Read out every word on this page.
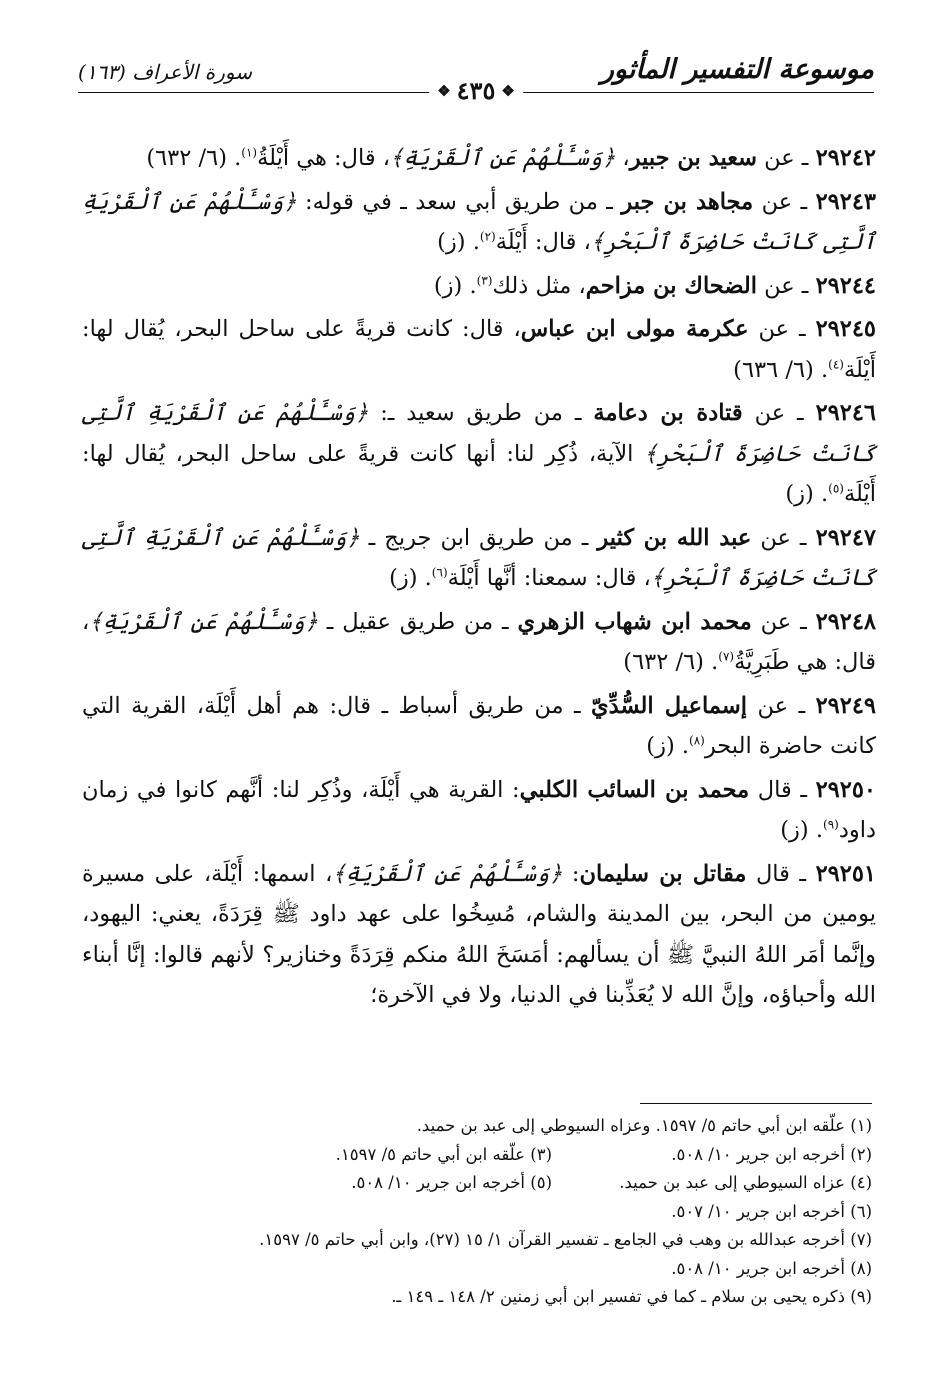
موسوعة التفسير المأثور
❖
٤٣٥
❖
سورة الأعراف (١٦٣)

٢٩٢٤٢ ـ عن سعيد بن جبير، ﴿وَسْـَٔلْهُمْ عَنِ ٱلْقَرْيَةِ﴾، قال: هي أَيْلَةُ$^{(١)}$. (٦/ ٦٣٢)

٢٩٢٤٣ ـ عن مجاهد بن جبر ـ من طريق أبي سعد ـ في قوله: ﴿وَسْـَٔلْهُمْ عَنِ ٱلْقَرْيَةِ ٱلَّتِى كَانَتْ حَاضِرَةَ ٱلْبَحْرِ﴾، قال: أَيْلَة$^{(٢)}$. (ز)

٢٩٢٤٤ ـ عن الضحاك بن مزاحم، مثل ذلك$^{(٣)}$. (ز)

٢٩٢٤٥ ـ عن عكرمة مولى ابن عباس، قال: كانت قريةً على ساحل البحر، يُقال لها: أَيْلَة$^{(٤)}$. (٦/ ٦٣٦)

٢٩٢٤٦ ـ عن قتادة بن دعامة ـ من طريق سعيد ـ: ﴿وَسْـَٔلْهُمْ عَنِ ٱلْقَرْيَةِ ٱلَّتِى كَانَتْ حَاضِرَةَ ٱلْبَحْرِ﴾ الآية، ذُكِر لنا: أنها كانت قريةً على ساحل البحر، يُقال لها: أَيْلَة$^{(٥)}$. (ز)

٢٩٢٤٧ ـ عن عبد الله بن كثير ـ من طريق ابن جريج ـ ﴿وَسْـَٔلْهُمْ عَنِ ٱلْقَرْيَةِ ٱلَّتِى كَانَتْ حَاضِرَةَ ٱلْبَحْرِ﴾، قال: سمعنا: أنَّها أَيْلَة$^{(٦)}$. (ز)

٢٩٢٤٨ ـ عن محمد ابن شهاب الزهري ـ من طريق عقيل ـ ﴿وَسْـَٔلْهُمْ عَنِ ٱلْقَرْيَةِ﴾، قال: هي طَبَرِيَّةُ$^{(٧)}$. (٦/ ٦٣٢)

٢٩٢٤٩ ـ عن إسماعيل السُّدِّيّ ـ من طريق أسباط ـ قال: هم أهل أَيْلَة، القرية التي كانت حاضرة البحر$^{(٨)}$. (ز)

٢٩٢٥٠ ـ قال محمد بن السائب الكلبي: القرية هي أَيْلَة، وذُكِر لنا: أنَّهم كانوا في زمان داود$^{(٩)}$. (ز)

٢٩٢٥١ ـ قال مقاتل بن سليمان: ﴿وَسْـَٔلْهُمْ عَنِ ٱلْقَرْيَةِ﴾، اسمها: أَيْلَة، على مسيرة يومين من البحر، بين المدينة والشام، مُسِخُوا على عهد داود ﷺ قِرَدَةً، يعني: اليهود، وإنَّما أمَر اللهُ النبيَّ ﷺ أن يسألهم: أمَسَخَ اللهُ منكم قِرَدَةً وخنازير؟ لأنهم قالوا: إنَّا أبناء الله وأحباؤه، وإنَّ الله لا يُعَذِّبنا في الدنيا، ولا في الآخرة؛

(١) علّقه ابن أبي حاتم ٥/ ١٥٩٧. وعزاه السيوطي إلى عبد بن حميد.
(٢) أخرجه ابن جرير ١٠/ ٥٠٨.
(٣) علّقه ابن أبي حاتم ٥/ ١٥٩٧.
(٤) عزاه السيوطي إلى عبد بن حميد.
(٥) أخرجه ابن جرير ١٠/ ٥٠٨.
(٦) أخرجه ابن جرير ١٠/ ٥٠٧.
(٧) أخرجه عبدالله بن وهب في الجامع ـ تفسير القرآن ١/ ١٥ (٢٧)، وابن أبي حاتم ٥/ ١٥٩٧.
(٨) أخرجه ابن جرير ١٠/ ٥٠٨.
(٩) ذكره يحيى بن سلام ـ كما في تفسير ابن أبي زمنين ٢/ ١٤٨ ـ ١٤٩ ـ.
